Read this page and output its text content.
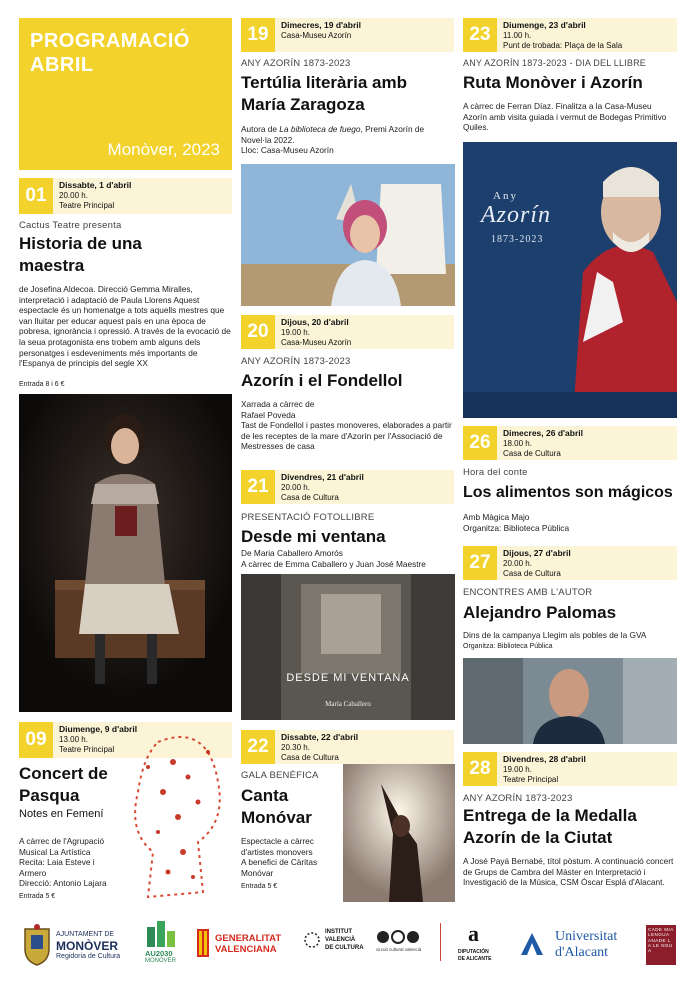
PROGRAMACIÓ
ABRIL
Monòver, 2023
01	Dissabte, 1 d'abril
20.00 h.
Teatre Principal
Cactus Teatre presenta
Historia de una
maestra
de Josefina Aldecoa. Direcció Gemma Miralles, interpretació i adaptació de Paula Llorens Aquest espectacle és un homenatge a tots aquells mestres que van lluitar per educar aquest país en una època de pobresa, ignorància i opressió. A través de la evocació de la seua protagonista ens trobem amb alguns dels personatges i esdeveniments més importants de l'Espanya de principis del segle XX
Entrada 8 i 6 €
09	Diumenge, 9 d'abril
13.00 h.
Teatre Principal
Concert de
Pasqua
Notes en Femení
A càrrec de l'Agrupació
Musical La Artística
Recita: Laia Esteve i
Armero
Direcció: Antonio Lajara
Entrada 5 €
19	Dimecres, 19 d'abril
Casa-Museu Azorín
ANY AZORÍN 1873-2023
Tertúlia literària amb
María Zaragoza
Autora de La biblioteca de fuego, Premi Azorín de
Novel·la 2022.
Lloc: Casa-Museu Azorín
20	Dijous, 20 d'abril
19.00 h.
Casa-Museu Azorín
ANY AZORÍN 1873-2023
Azorín i el Fondellol
Xarrada a càrrec de
Rafael Poveda
Tast de Fondellol i pastes monoveres, elaborades a partir de les receptes de la mare d'Azorín per l'Associació de Mestresses de casa
21	Divendres, 21 d'abril
20.00 h.
Casa de Cultura
PRESENTACIÓ FOTOLLIBRE
Desde mi ventana
De Maria Caballero Amorós
A càrrec de Emma Caballero y Juan José Maestre
DESDE MI VENTANA
María Caballero
22	Dissabte, 22 d'abril
20.30 h.
Casa de Cultura
GALA BENÈFICA
Canta
Monóvar
Espectacle a càrrec
d'artistes monovers
A benefici de Càritas
Monóvar
Entrada 5 €
23	Diumenge, 23 d'abril
11.00 h.
Punt de trobada: Plaça de la Sala
ANY AZORÍN 1873-2023 - DIA DEL LLIBRE
Ruta Monòver i Azorín
A càrrec de Ferran Díaz. Finalitza a la Casa-Museu Azorín amb visita guiada i vermut de Bodegas Primitivo Quiles.
Any
Azorín
1873-2023
26	Dimecres, 26 d'abril
18.00 h.
Casa de Cultura
Hora del conte
Los alimentos son mágicos
Amb Màgica Majo
Organitza: Biblioteca Pública
27	Dijous, 27 d'abril
20.00 h.
Casa de Cultura
ENCONTRES AMB L'AUTOR
Alejandro Palomas
Dins de la campanya Llegim als pobles de la GVA
Organitza: Biblioteca Pública
28	Divendres, 28 d'abril
19.00 h.
Teatre Principal
ANY AZORÍN 1873-2023
Entrega de la Medalla
Azorín de la Ciutat
A José Payá Bernabé, títol pòstum. A continuació concert de Grups de Cambra del Màster en Interpretació i Investigació de la Música, CSM Óscar Esplá d'Alacant.
AJUNTAMENT DE
MONÒVER
Regidoria de Cultura	AU2030
MONÓVER
GENERALITAT
VALENCIANA
INSTITUT
VALENCIÀ
DE CULTURA	circuit cultural valencià
a
DIPUTACIÓN
DE ALICANTE
Universitat
d'Alacant
CADE MIA LENGUA ANADE LA LE NGUA
